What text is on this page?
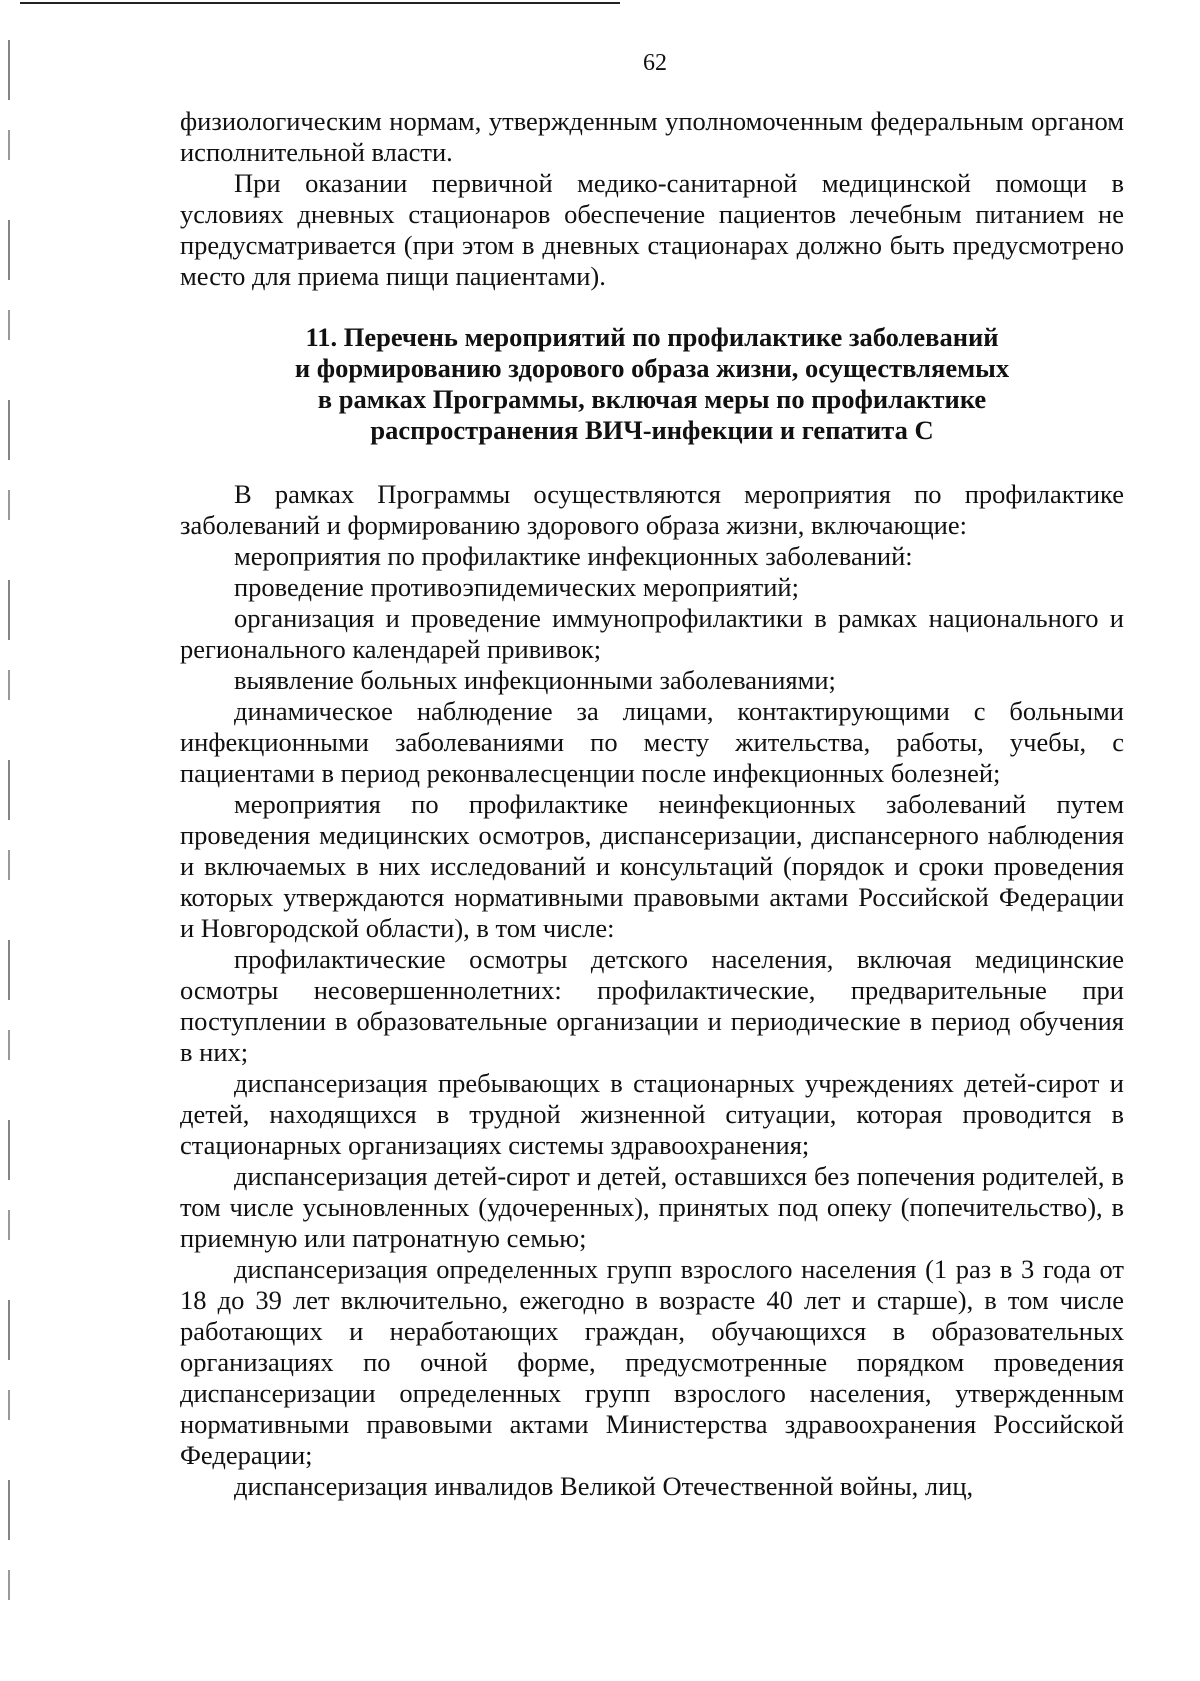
62

физиологическим нормам, утвержденным уполномоченным федеральным органом исполнительной власти.

При оказании первичной медико-санитарной медицинской помощи в условиях дневных стационаров обеспечение пациентов лечебным питанием не предусматривается (при этом в дневных стационарах должно быть предусмотрено место для приема пищи пациентами).

11. Перечень мероприятий по профилактике заболеваний
и формированию здорового образа жизни, осуществляемых
в рамках Программы, включая меры по профилактике
распространения ВИЧ-инфекции и гепатита С

В рамках Программы осуществляются мероприятия по профилактике заболеваний и формированию здорового образа жизни, включающие:

мероприятия по профилактике инфекционных заболеваний:

проведение противоэпидемических мероприятий;

организация и проведение иммунопрофилактики в рамках национального и регионального календарей прививок;

выявление больных инфекционными заболеваниями;

динамическое наблюдение за лицами, контактирующими с больными инфекционными заболеваниями по месту жительства, работы, учебы, с пациентами в период реконвалесценции после инфекционных болезней;

мероприятия по профилактике неинфекционных заболеваний путем проведения медицинских осмотров, диспансеризации, диспансерного наблюдения и включаемых в них исследований и консультаций (порядок и сроки проведения которых утверждаются нормативными правовыми актами Российской Федерации и Новгородской области), в том числе:

профилактические осмотры детского населения, включая медицинские осмотры несовершеннолетних: профилактические, предварительные при поступлении в образовательные организации и периодические в период обучения в них;

диспансеризация пребывающих в стационарных учреждениях детей-сирот и детей, находящихся в трудной жизненной ситуации, которая проводится в стационарных организациях системы здравоохранения;

диспансеризация детей-сирот и детей, оставшихся без попечения родителей, в том числе усыновленных (удочеренных), принятых под опеку (попечительство), в приемную или патронатную семью;

диспансеризация определенных групп взрослого населения (1 раз в 3 года от 18 до 39 лет включительно, ежегодно в возрасте 40 лет и старше), в том числе работающих и неработающих граждан, обучающихся в образовательных организациях по очной форме, предусмотренные порядком проведения диспансеризации определенных групп взрослого населения, утвержденным нормативными правовыми актами Министерства здравоохранения Российской Федерации;

диспансеризация инвалидов Великой Отечественной войны, лиц,
